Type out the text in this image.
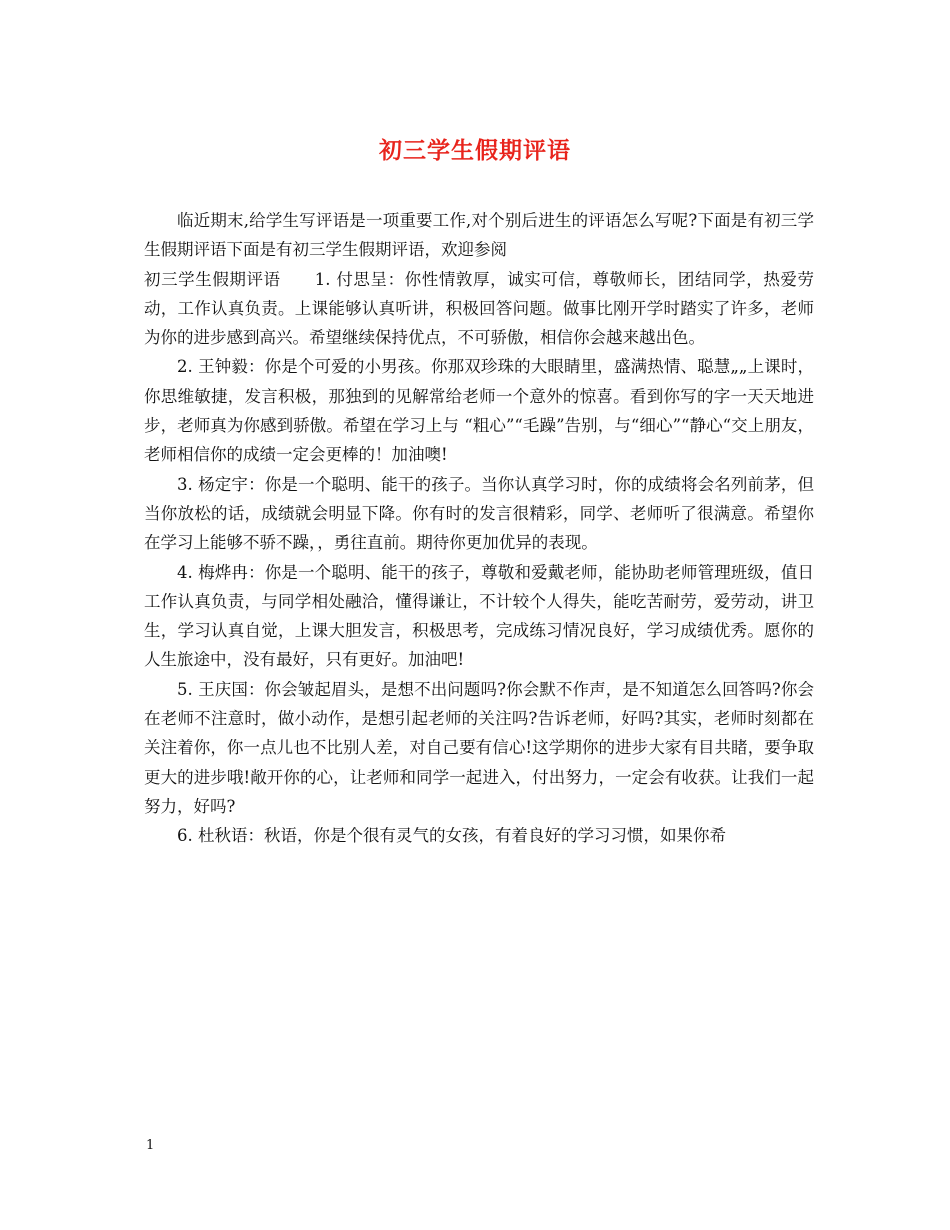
初三学生假期评语

临近期末,给学生写评语是一项重要工作,对个别后进生的评语怎么写呢?下面是有初三学生假期评语下面是有初三学生假期评语，欢迎参阅

初三学生假期评语　　1. 付思呈：你性情敦厚，诚实可信，尊敬师长，团结同学，热爱劳动，工作认真负责。上课能够认真听讲，积极回答问题。做事比刚开学时踏实了许多，老师为你的进步感到高兴。希望继续保持优点，不可骄傲，相信你会越来越出色。

2. 王钟毅：你是个可爱的小男孩。你那双珍珠的大眼睛里，盛满热情、聪慧„„上课时，你思维敏捷，发言积极，那独到的见解常给老师一个意外的惊喜。看到你写的字一天天地进步，老师真为你感到骄傲。希望在学习上与 “粗心”“毛躁”告别，与“细心”“静心“交上朋友，老师相信你的成绩一定会更棒的！加油噢!

3. 杨定宇：你是一个聪明、能干的孩子。当你认真学习时，你的成绩将会名列前茅，但当你放松的话，成绩就会明显下降。你有时的发言很精彩，同学、老师听了很满意。希望你在学习上能够不骄不躁，，勇往直前。期待你更加优异的表现。

4. 梅烨冉：你是一个聪明、能干的孩子，尊敬和爱戴老师，能协助老师管理班级，值日工作认真负责，与同学相处融洽，懂得谦让，不计较个人得失，能吃苦耐劳，爱劳动，讲卫生，学习认真自觉，上课大胆发言，积极思考，完成练习情况良好，学习成绩优秀。愿你的人生旅途中，没有最好，只有更好。加油吧!

5. 王庆国：你会皱起眉头，是想不出问题吗?你会默不作声，是不知道怎么回答吗?你会在老师不注意时，做小动作，是想引起老师的关注吗?告诉老师，好吗?其实，老师时刻都在关注着你，你一点儿也不比别人差，对自己要有信心!这学期你的进步大家有目共睹，要争取更大的进步哦!敞开你的心，让老师和同学一起进入，付出努力，一定会有收获。让我们一起努力，好吗?

6. 杜秋语：秋语，你是个很有灵气的女孩，有着良好的学习习惯，如果你希

1
